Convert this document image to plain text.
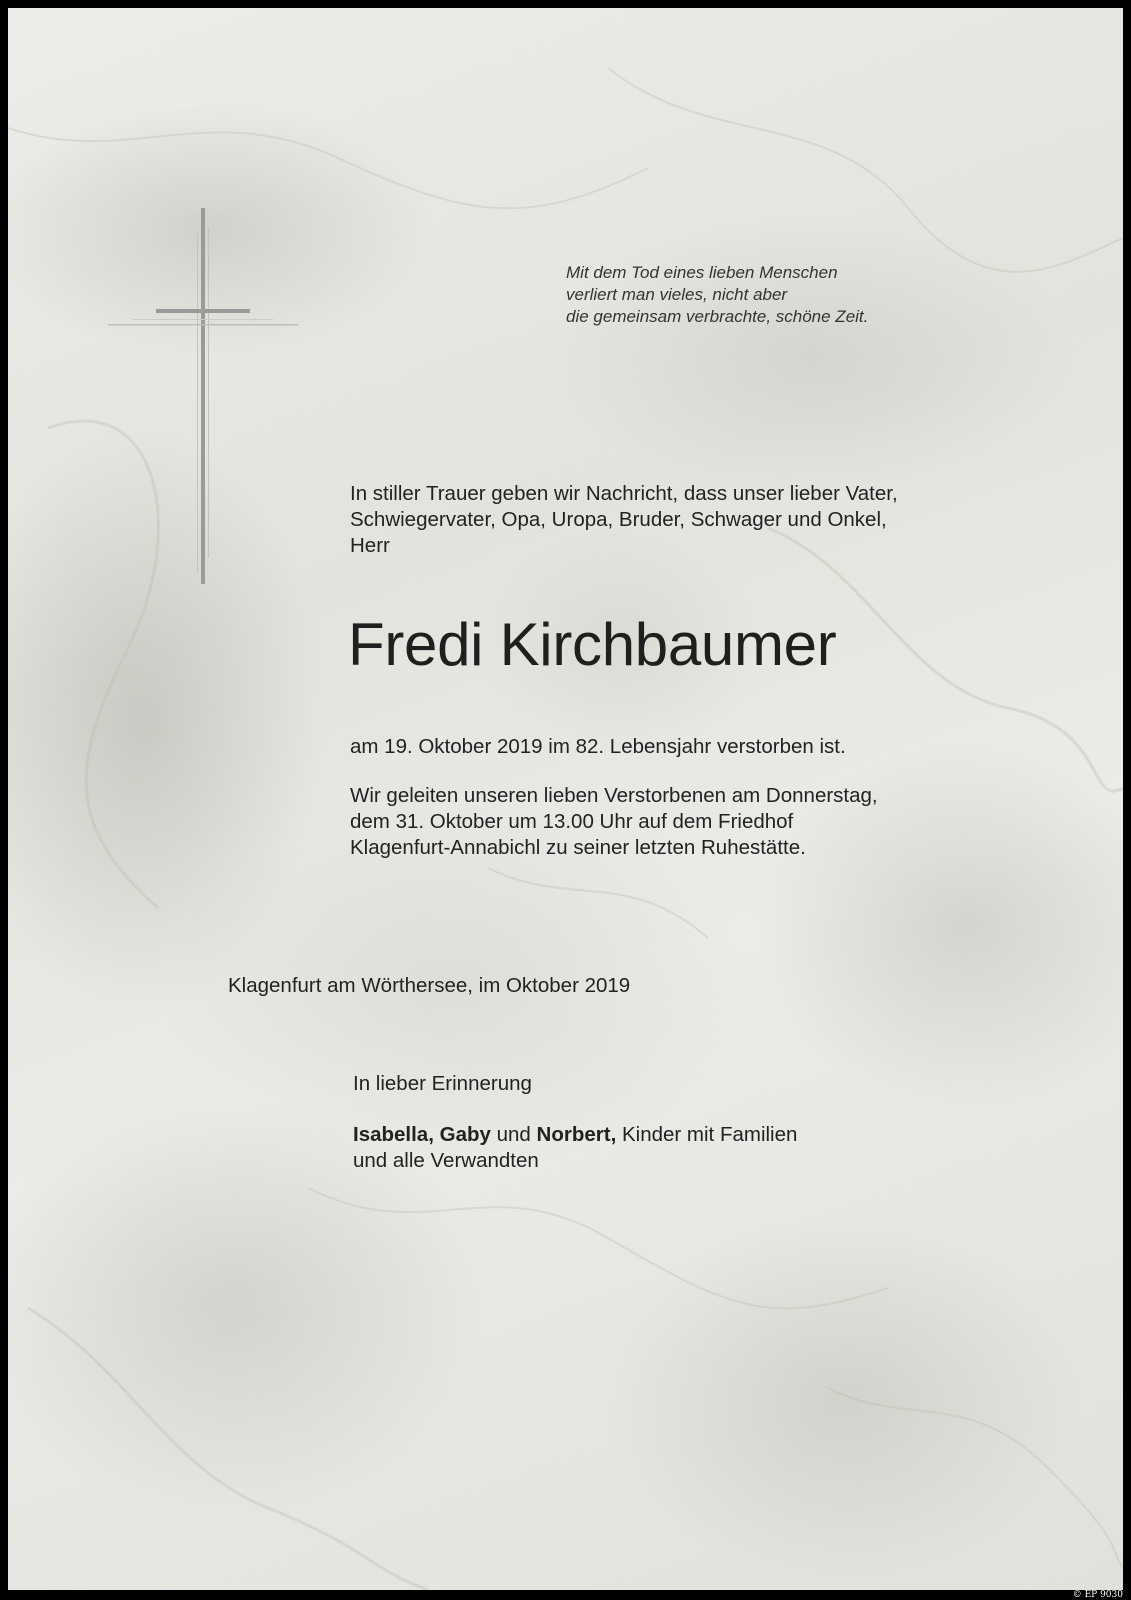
Mit dem Tod eines lieben Menschen
verliert man vieles, nicht aber
die gemeinsam verbrachte, schöne Zeit.
In stiller Trauer geben wir Nachricht, dass unser lieber Vater,
Schwiegervater, Opa, Uropa, Bruder, Schwager und Onkel,
Herr
Fredi Kirchbaumer
am 19. Oktober 2019 im 82. Lebensjahr verstorben ist.
Wir geleiten unseren lieben Verstorbenen am Donnerstag,
dem 31. Oktober um 13.00 Uhr auf dem Friedhof
Klagenfurt-Annabichl zu seiner letzten Ruhestätte.
Klagenfurt am Wörthersee, im Oktober 2019
In lieber Erinnerung
Isabella, Gaby und Norbert, Kinder mit Familien
und alle Verwandten
© EP 9030
